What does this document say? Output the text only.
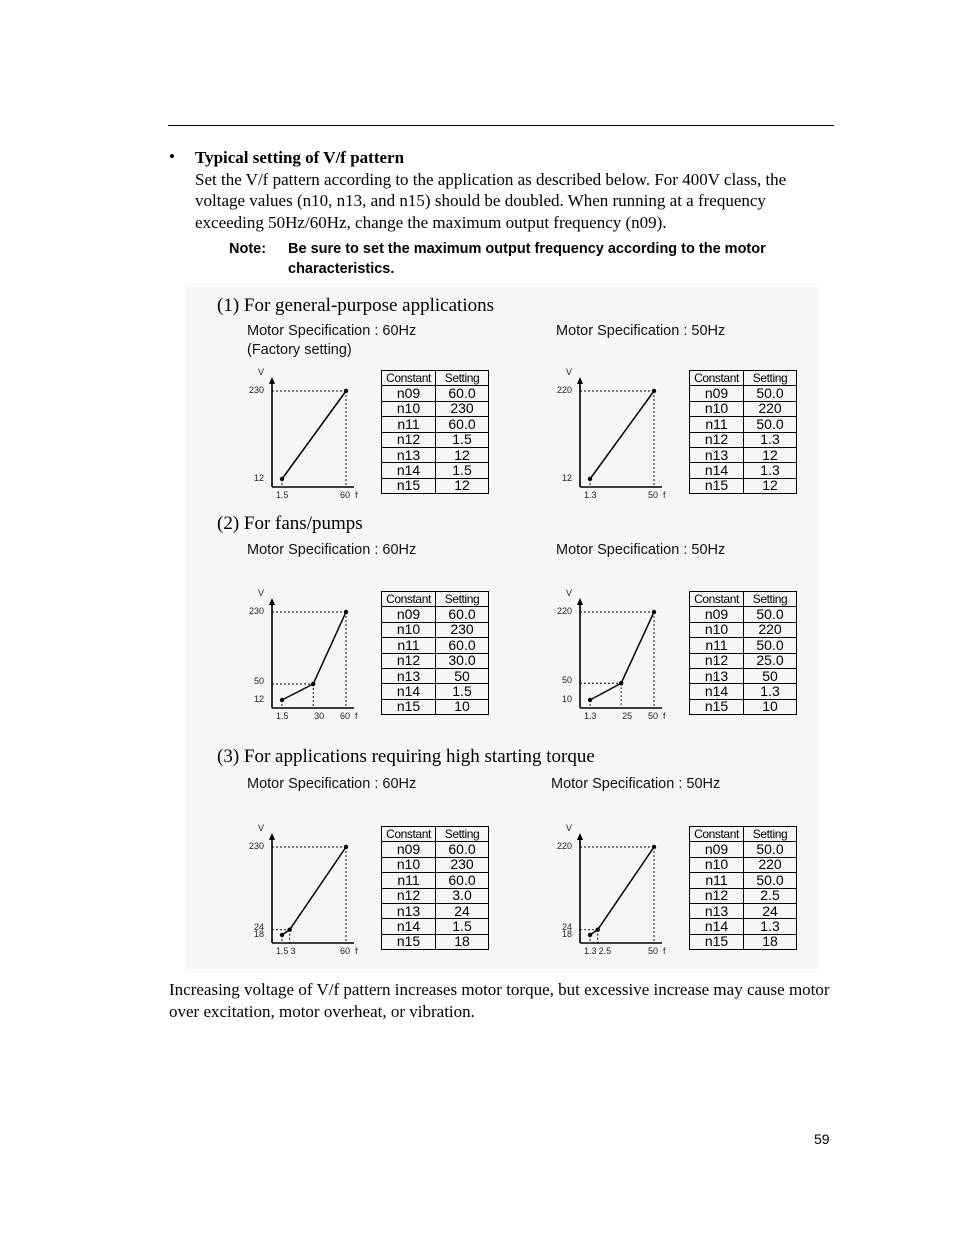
• Typical setting of V/f pattern
Set the V/f pattern according to the application as described below. For 400V class, the voltage values (n10, n13, and n15) should be doubled. When running at a frequency exceeding 50Hz/60Hz, change the maximum output frequency (n09).
Note: Be sure to set the maximum output frequency according to the motor characteristics.
(1) For general-purpose applications
Motor Specification : 60Hz
(Factory setting)
Motor Specification : 50Hz
(2) For fans/pumps
Motor Specification : 60Hz	Motor Specification : 50Hz
(3) For applications requiring high starting torque
Motor Specification : 60Hz	Motor Specification : 50Hz
V
230
12
1.5	60 f
Constant	Setting
n09	60.0
n10	230
n11	60.0
n12	1.5
n13	12
n14	1.5
n15	12
V
220
12
1.3	50 f
Constant	Setting
n09	50.0
n10	220
n11	50.0
n12	1.3
n13	12
n14	1.3
n15	12
V
230
12
50
1.5	30 60 f
Constant	Setting
n09	60.0
n10	230
n11	60.0
n12	30.0
n13	50
n14	1.5
n15	10
V
220
10
50
1.3	25 50 f
Constant	Setting
n09	50.0
n10	220
n11	50.0
n12	25.0
n13	50
n14	1.3
n15	10
V
230
18
24
1.5 3	60 f
Constant	Setting
n09	60.0
n10	230
n11	60.0
n12	3.0
n13	24
n14	1.5
n15	18
V
220
18
24
1.3 2.5	50 f
Constant	Setting
n09	50.0
n10	220
n11	50.0
n12	2.5
n13	24
n14	1.3
n15	18
Increasing voltage of V/f pattern increases motor torque, but excessive increase may cause motor over excitation, motor overheat, or vibration.
59
